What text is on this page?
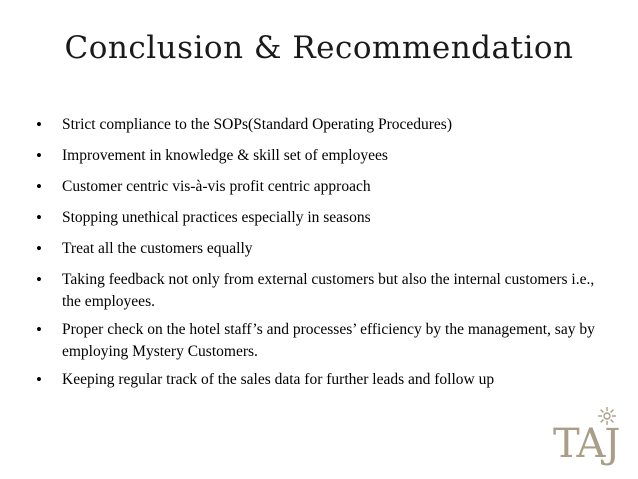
Conclusion & Recommendation
• Strict compliance to the SOPs(Standard Operating Procedures)
• Improvement in knowledge & skill set of employees
• Customer centric vis-à-vis profit centric approach
• Stopping unethical practices especially in seasons
• Treat all the customers equally
• Taking feedback not only from external customers but also the internal customers i.e., the employees.
• Proper check on the hotel staff’s and processes’ efficiency by the management, say by employing Mystery Customers.
• Keeping regular track of the sales data for further leads and follow up
TAJ
